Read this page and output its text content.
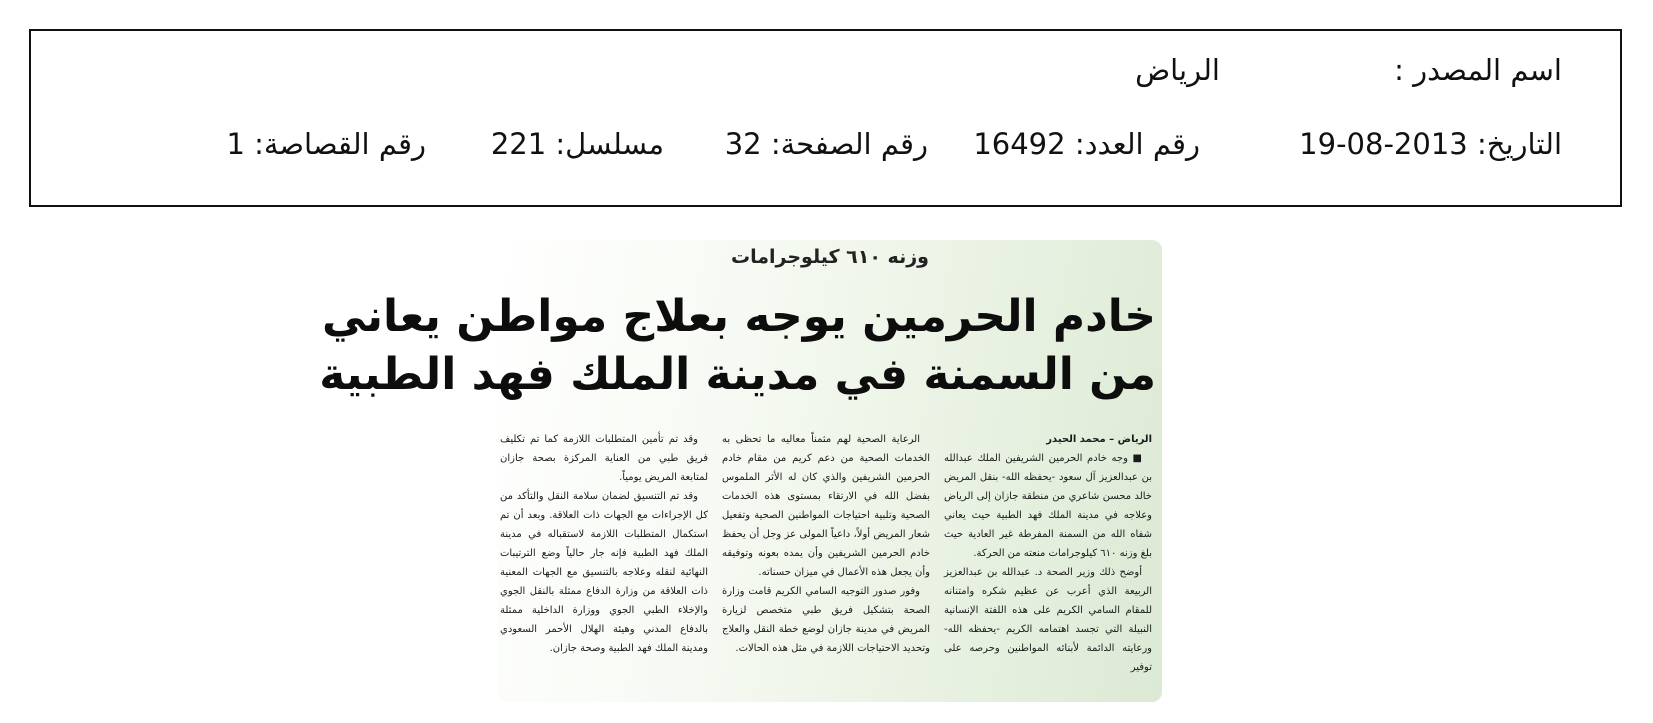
اسم المصدر :
الرياض
التاريخ: 2013-08-19
رقم العدد: 16492
رقم الصفحة: 32
مسلسل: 221
رقم القصاصة: 1
وزنه ٦١٠ كيلوجرامات
خادم الحرمين يوجه بعلاج مواطن يعاني
من السمنة في مدينة الملك فهد الطبية
الرياض – محمد الحيدر

■ وجه خادم الحرمين الشريفين الملك عبدالله بن عبدالعزيز آل سعود -يحفظه الله- بنقل المريض خالد محسن شاعري من منطقة جازان إلى الرياض وعلاجه في مدينة الملك فهد الطبية حيث يعاني شفاه الله من السمنة المفرطة غير العادية حيث بلغ وزنه ٦١٠ كيلوجرامات منعته من الحركة.

أوضح ذلك وزير الصحة د. عبدالله بن عبدالعزيز الربيعة الذي أعرب عن عظيم شكره وامتنانه للمقام السامي الكريم على هذه اللفتة الإنسانية النبيلة التي تجسد اهتمامه الكريم -يحفظه الله- ورعايته الدائمة لأبنائه المواطنين وحرصه على توفير

الرعاية الصحية لهم مثمناً معاليه ما تحظى به الخدمات الصحية من دعم كريم من مقام خادم الحرمين الشريفين والذي كان له الأثر الملموس بفضل الله في الارتقاء بمستوى هذه الخدمات الصحية وتلبية احتياجات المواطنين الصحية وتفعيل شعار المريض أولاً، داعياً المولى عز وجل أن يحفظ خادم الحرمين الشريفين وأن يمده بعونه وتوفيقه وأن يجعل هذه الأعمال في ميزان حسناته.

وفور صدور التوجيه السامي الكريم قامت وزارة الصحة بتشكيل فريق طبي متخصص لزيارة المريض في مدينة جازان لوضع خطة النقل والعلاج وتحديد الاحتياجات اللازمة في مثل هذه الحالات.

وقد تم تأمين المتطلبات اللازمة كما تم تكليف فريق طبي من العناية المركزة بصحة جازان لمتابعة المريض يومياً.

وقد تم التنسيق لضمان سلامة النقل والتأكد من كل الإجراءات مع الجهات ذات العلاقة. وبعد أن تم استكمال المتطلبات اللازمة لاستقباله في مدينة الملك فهد الطبية فإنه جار حالياً وضع الترتيبات النهائية لنقله وعلاجه بالتنسيق مع الجهات المعنية ذات العلاقة من وزارة الدفاع ممثلة بالنقل الجوي والإخلاء الطبي الجوي ووزارة الداخلية ممثلة بالدفاع المدني وهيئة الهلال الأحمر السعودي ومدينة الملك فهد الطبية وصحة جازان.
